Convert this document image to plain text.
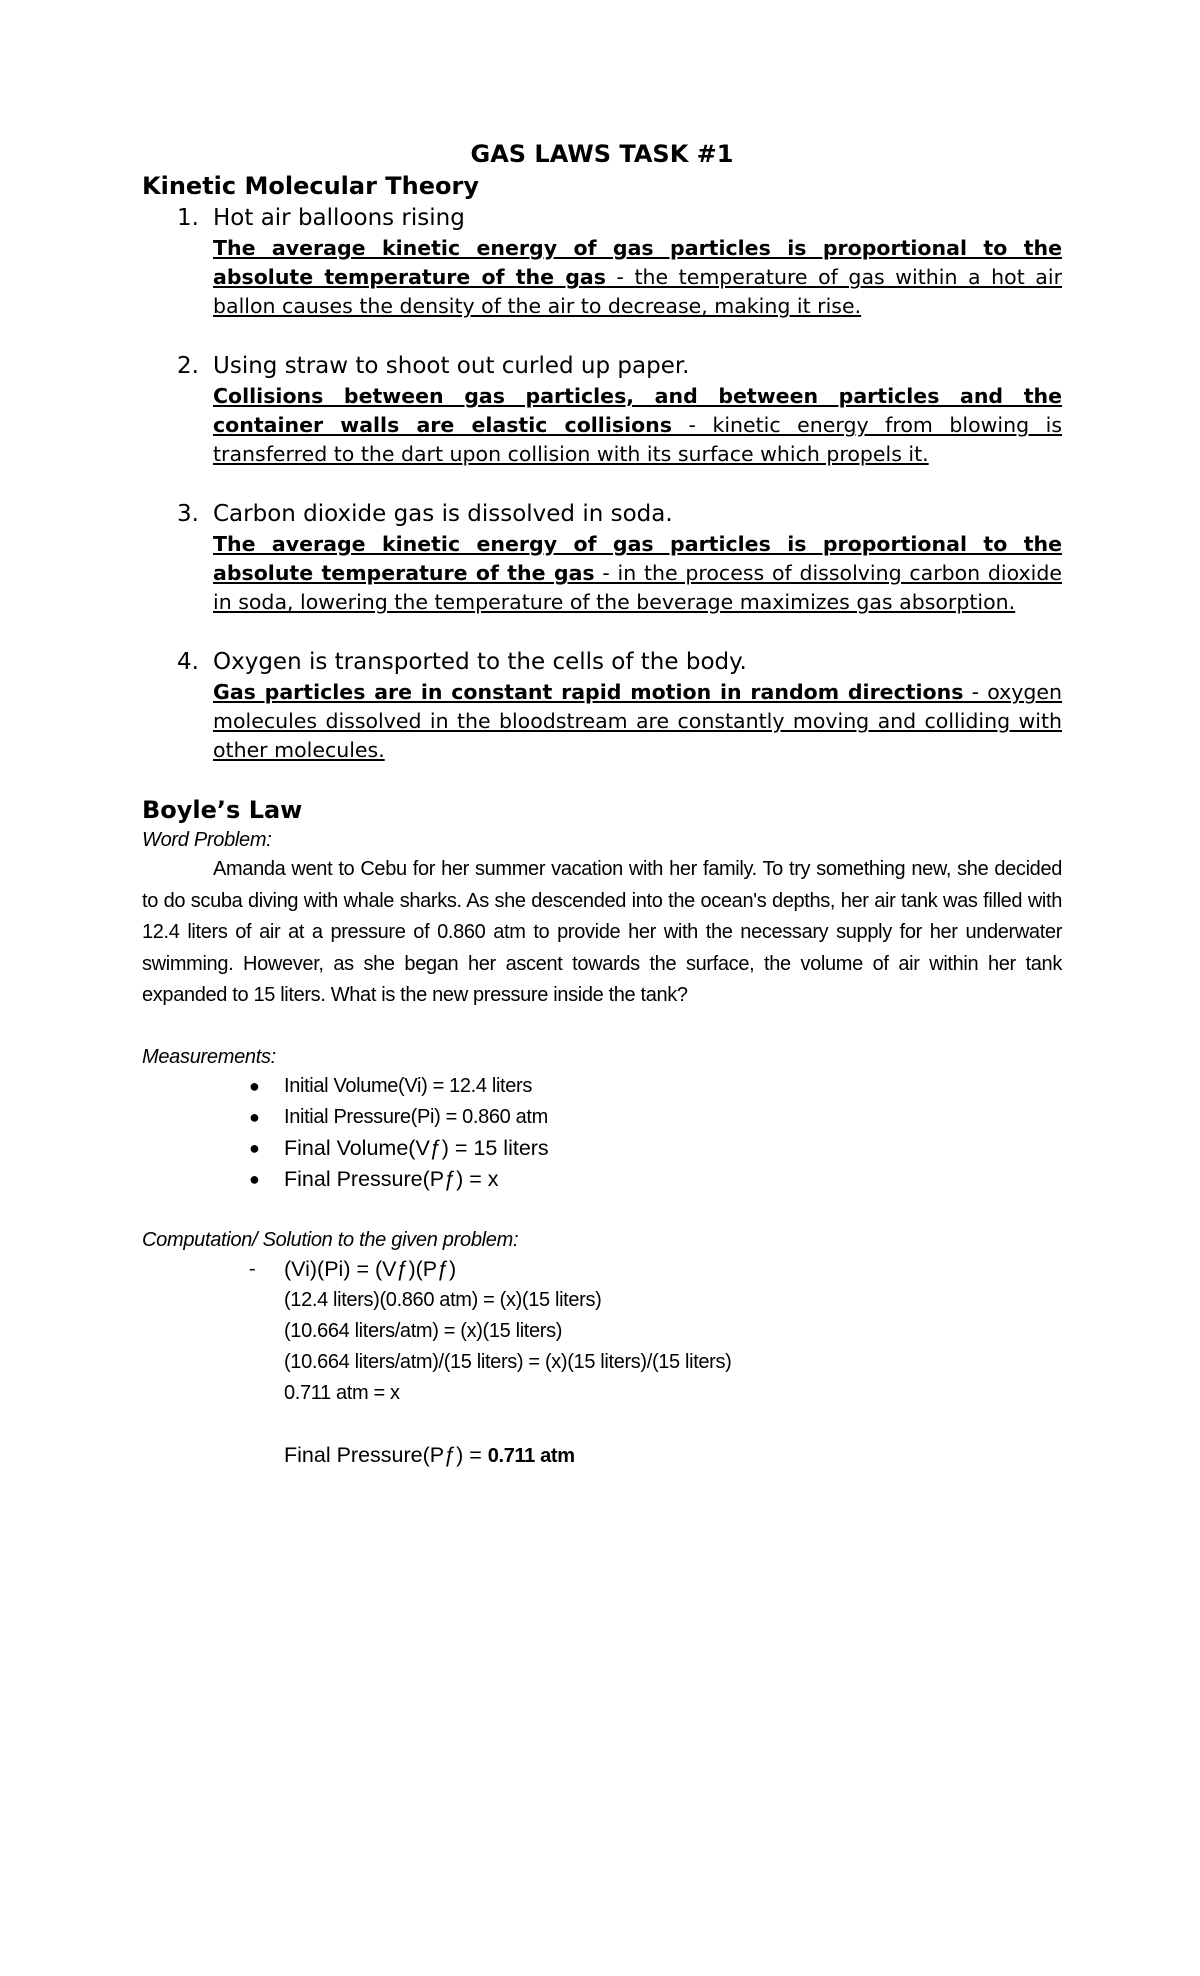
GAS LAWS TASK #1

Kinetic Molecular Theory

1. Hot air balloons rising
The average kinetic energy of gas particles is proportional to the absolute temperature of the gas - the temperature of gas within a hot air ballon causes the density of the air to decrease, making it rise.
2. Using straw to shoot out curled up paper.
Collisions between gas particles, and between particles and the container walls are elastic collisions - kinetic energy from blowing is transferred to the dart upon collision with its surface which propels it.
3. Carbon dioxide gas is dissolved in soda.
The average kinetic energy of gas particles is proportional to the absolute temperature of the gas - in the process of dissolving carbon dioxide in soda, lowering the temperature of the beverage maximizes gas absorption.
4. Oxygen is transported to the cells of the body.
Gas particles are in constant rapid motion in random directions - oxygen molecules dissolved in the bloodstream are constantly moving and colliding with other molecules.

Boyle’s Law

Word Problem:

Amanda went to Cebu for her summer vacation with her family. To try something new, she decided to do scuba diving with whale sharks. As she descended into the ocean's depths, her air tank was filled with 12.4 liters of air at a pressure of 0.860 atm to provide her with the necessary supply for her underwater swimming. However, as she began her ascent towards the surface, the volume of air within her tank expanded to 15 liters. What is the new pressure inside the tank?

Measurements:

● Initial Volume(Vi) = 12.4 liters
● Initial Pressure(Pi) = 0.860 atm
● Final Volume(Vƒ) = 15 liters
● Final Pressure(Pƒ) = x

Computation/ Solution to the given problem:

- (Vi)(Pi) = (Vƒ)(Pƒ)
(12.4 liters)(0.860 atm) = (x)(15 liters)
(10.664 liters/atm) = (x)(15 liters)
(10.664 liters/atm)/(15 liters) = (x)(15 liters)/(15 liters)
0.711 atm = x
Final Pressure(Pƒ) = 0.711 atm
